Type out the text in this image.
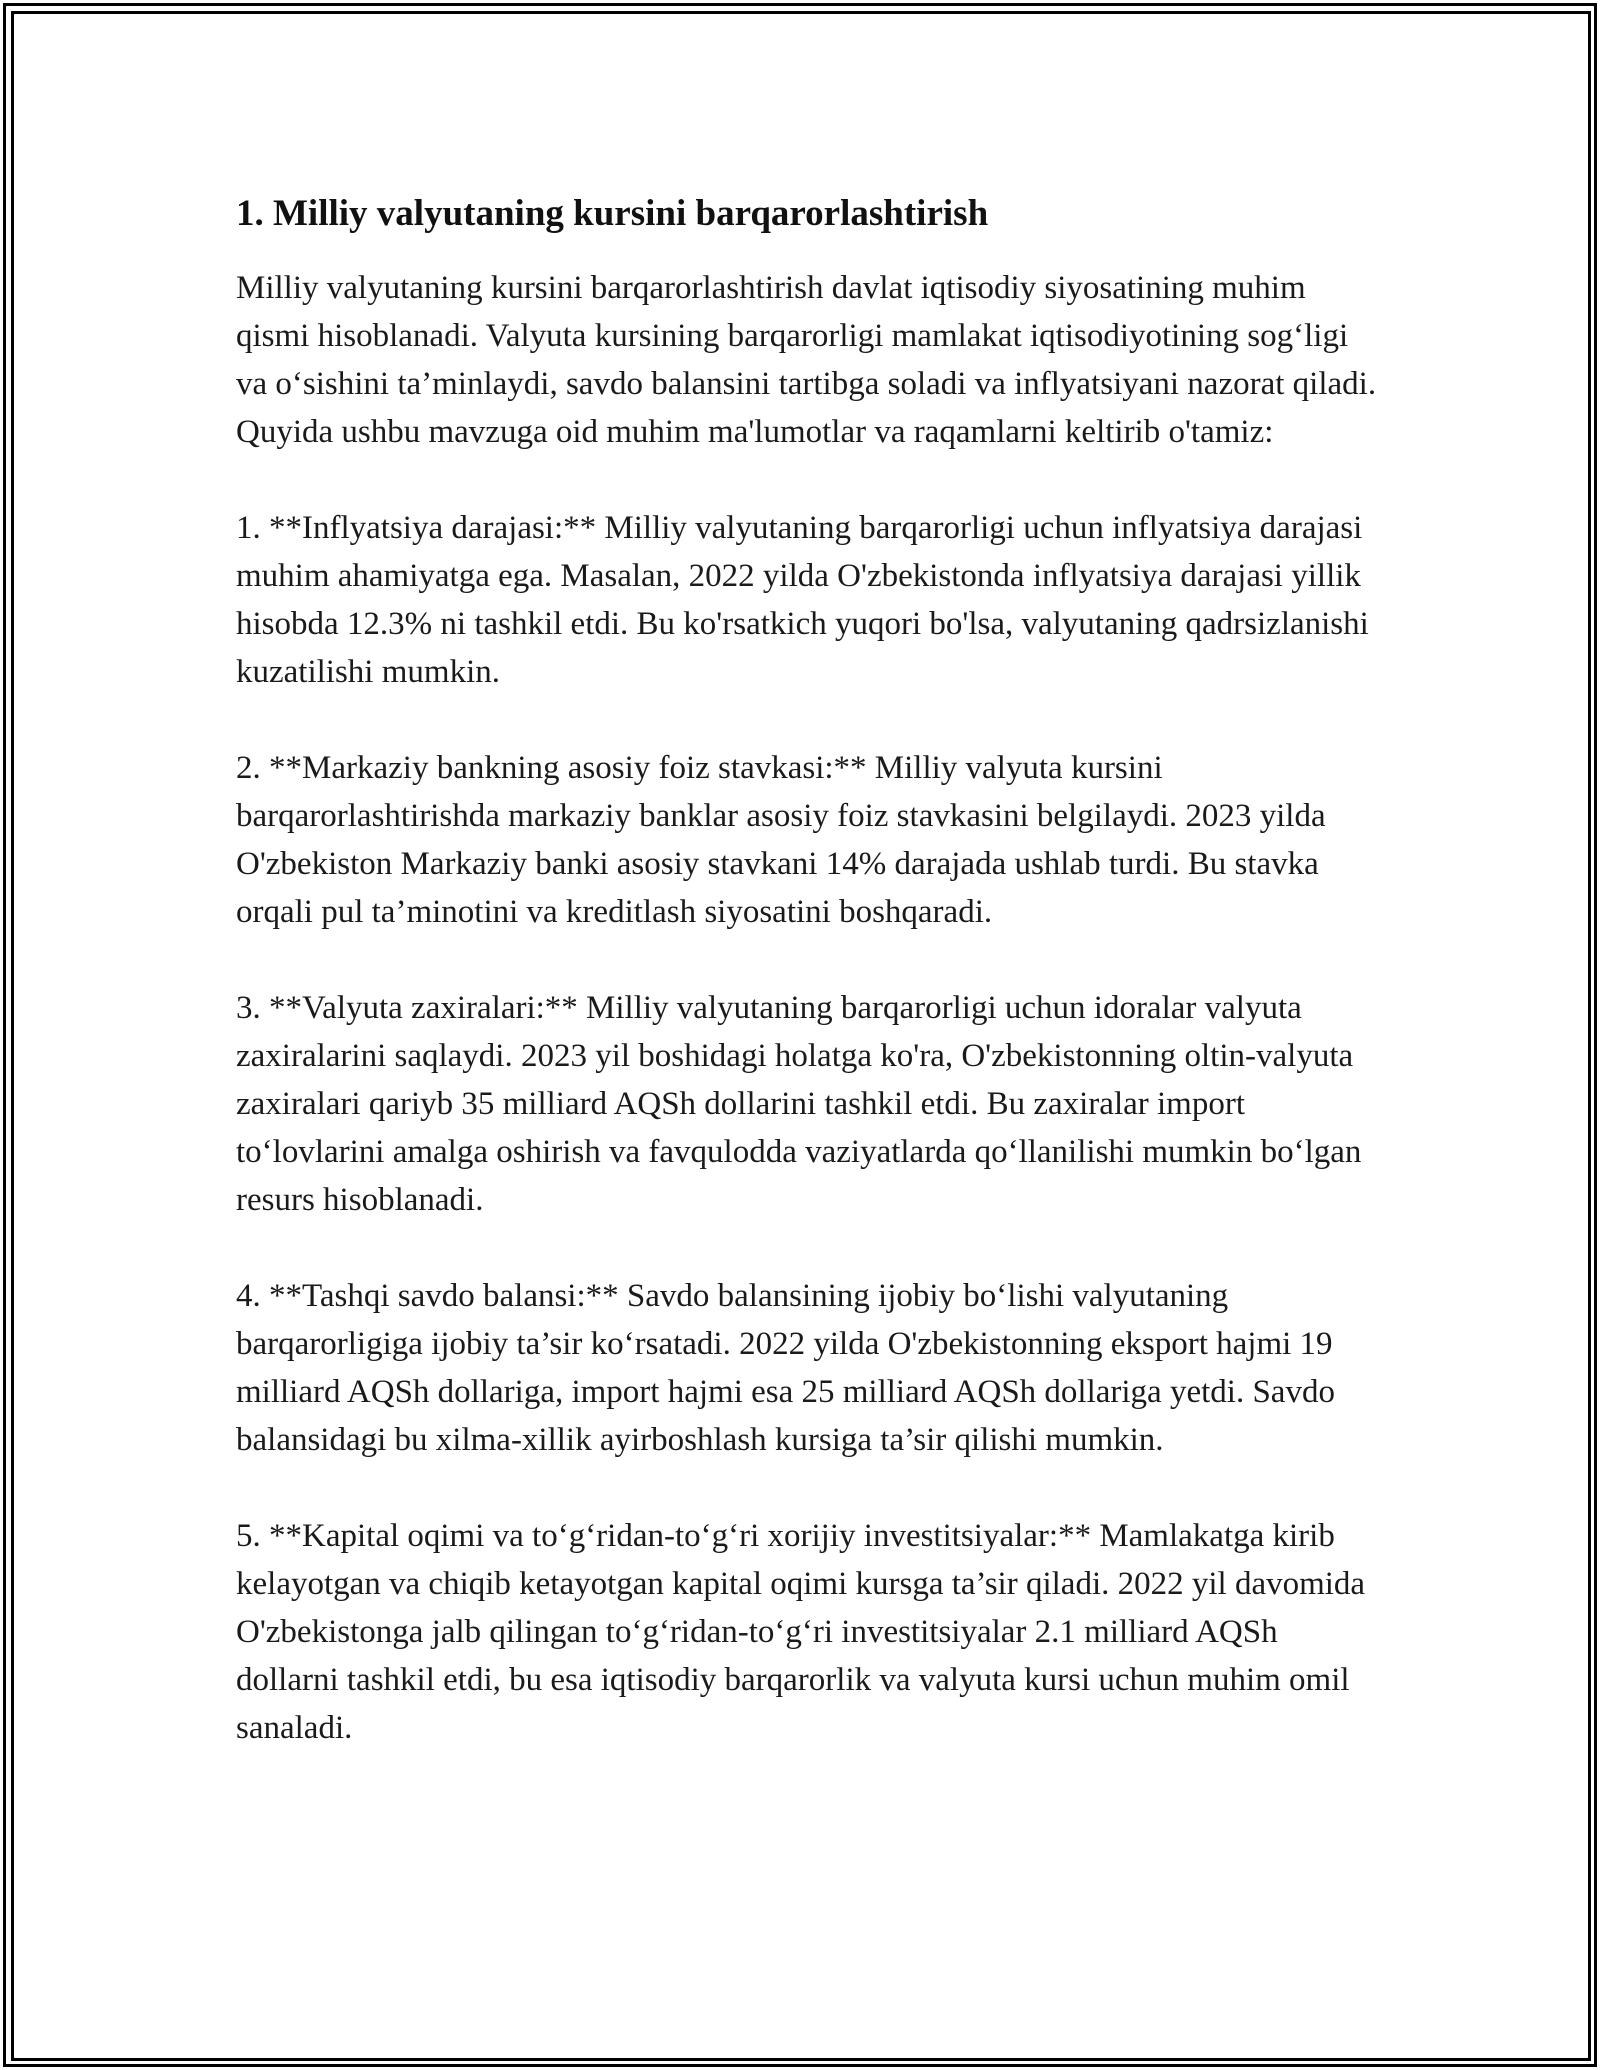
1. Milliy valyutaning kursini barqarorlashtirish

Milliy valyutaning kursini barqarorlashtirish davlat iqtisodiy siyosatining muhim qismi hisoblanadi. Valyuta kursining barqarorligi mamlakat iqtisodiyotining sog‘ligi va o‘sishini ta’minlaydi, savdo balansini tartibga soladi va inflyatsiyani nazorat qiladi. Quyida ushbu mavzuga oid muhim ma'lumotlar va raqamlarni keltirib o'tamiz:

1. **Inflyatsiya darajasi:** Milliy valyutaning barqarorligi uchun inflyatsiya darajasi muhim ahamiyatga ega. Masalan, 2022 yilda O'zbekistonda inflyatsiya darajasi yillik hisobda 12.3% ni tashkil etdi. Bu ko'rsatkich yuqori bo'lsa, valyutaning qadrsizlanishi kuzatilishi mumkin.

2. **Markaziy bankning asosiy foiz stavkasi:** Milliy valyuta kursini barqarorlashtirishda markaziy banklar asosiy foiz stavkasini belgilaydi. 2023 yilda O'zbekiston Markaziy banki asosiy stavkani 14% darajada ushlab turdi. Bu stavka orqali pul ta’minotini va kreditlash siyosatini boshqaradi.

3. **Valyuta zaxiralari:** Milliy valyutaning barqarorligi uchun idoralar valyuta zaxiralarini saqlaydi. 2023 yil boshidagi holatga ko'ra, O'zbekistonning oltin-valyuta zaxiralari qariyb 35 milliard AQSh dollarini tashkil etdi. Bu zaxiralar import to‘lovlarini amalga oshirish va favqulodda vaziyatlarda qo‘llanilishi mumkin bo‘lgan resurs hisoblanadi.

4. **Tashqi savdo balansi:** Savdo balansining ijobiy bo‘lishi valyutaning barqarorligiga ijobiy ta’sir ko‘rsatadi. 2022 yilda O'zbekistonning eksport hajmi 19 milliard AQSh dollariga, import hajmi esa 25 milliard AQSh dollariga yetdi. Savdo balansidagi bu xilma-xillik ayirboshlash kursiga ta’sir qilishi mumkin.

5. **Kapital oqimi va to‘g‘ridan-to‘g‘ri xorijiy investitsiyalar:** Mamlakatga kirib kelayotgan va chiqib ketayotgan kapital oqimi kursga ta’sir qiladi. 2022 yil davomida O'zbekistonga jalb qilingan to‘g‘ridan-to‘g‘ri investitsiyalar 2.1 milliard AQSh dollarni tashkil etdi, bu esa iqtisodiy barqarorlik va valyuta kursi uchun muhim omil sanaladi.
